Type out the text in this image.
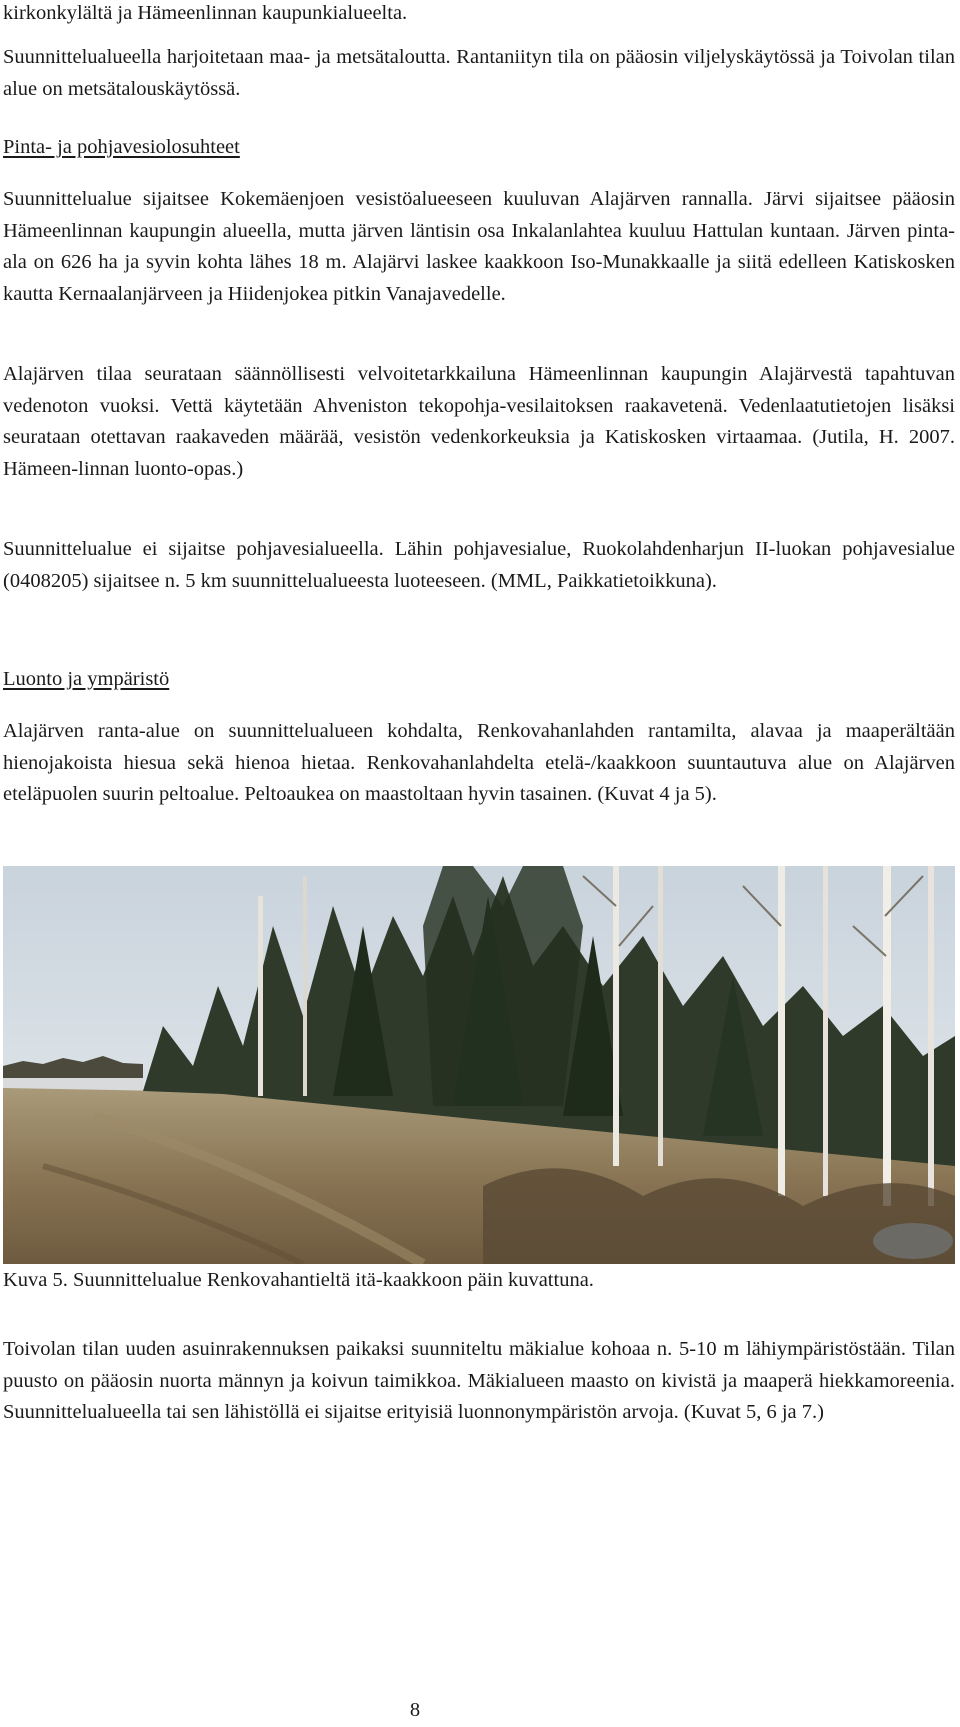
kirkonkylältä ja Hämeenlinnan kaupunkialueelta.

Suunnittelualueella harjoitetaan maa- ja metsätaloutta. Rantaniityn tila on pääosin viljelyskäytössä ja Toivolan tilan alue on metsätalouskäytössä.

Pinta- ja pohjavesiolosuhteet

Suunnittelualue sijaitsee Kokemäenjoen vesistöalueeseen kuuluvan Alajärven rannalla. Järvi sijaitsee pääosin Hämeenlinnan kaupungin alueella, mutta järven läntisin osa Inkalanlahtea kuuluu Hattulan kuntaan. Järven pinta-ala on 626 ha ja syvin kohta lähes 18 m. Alajärvi laskee kaakkoon Iso-Munakkaalle ja siitä edelleen Katiskosken kautta Kernaalanjärveen ja Hiidenjokea pitkin Vanajavedelle.

Alajärven tilaa seurataan säännöllisesti velvoitetarkkailuna Hämeenlinnan kaupungin Alajärvestä tapahtuvan vedenoton vuoksi. Vettä käytetään Ahveniston tekopohja-vesilaitoksen raakavetenä. Vedenlaatutietojen lisäksi seurataan otettavan raakaveden määrää, vesistön vedenkorkeuksia ja Katiskosken virtaamaa. (Jutila, H. 2007. Hämeen-linnan luonto-opas.)

Suunnittelualue ei sijaitse pohjavesialueella. Lähin pohjavesialue, Ruokolahdenharjun II-luokan pohjavesialue (0408205) sijaitsee n. 5 km suunnittelualueesta luoteeseen. (MML, Paikkatietoikkuna).

Luonto ja ympäristö

Alajärven ranta-alue on suunnittelualueen kohdalta, Renkovahanlahden rantamilta, alavaa ja maaperältään hienojakoista hiesua sekä hienoa hietaa. Renkovahanlahdelta etelä-/kaakkoon suuntautuva alue on Alajärven eteläpuolen suurin peltoalue. Peltoaukea on maastoltaan hyvin tasainen. (Kuvat 4 ja 5).

Kuva 5. Suunnittelualue Renkovahantieltä itä-kaakkoon päin kuvattuna.

Toivolan tilan uuden asuinrakennuksen paikaksi suunniteltu mäkialue kohoaa n. 5-10 m lähiympäristöstään. Tilan puusto on pääosin nuorta männyn ja koivun taimikkoa. Mäkialueen maasto on kivistä ja maaperä hiekkamoreenia. Suunnittelualueella tai sen lähistöllä ei sijaitse erityisiä luonnonympäristön arvoja. (Kuvat 5, 6 ja 7.)

8
